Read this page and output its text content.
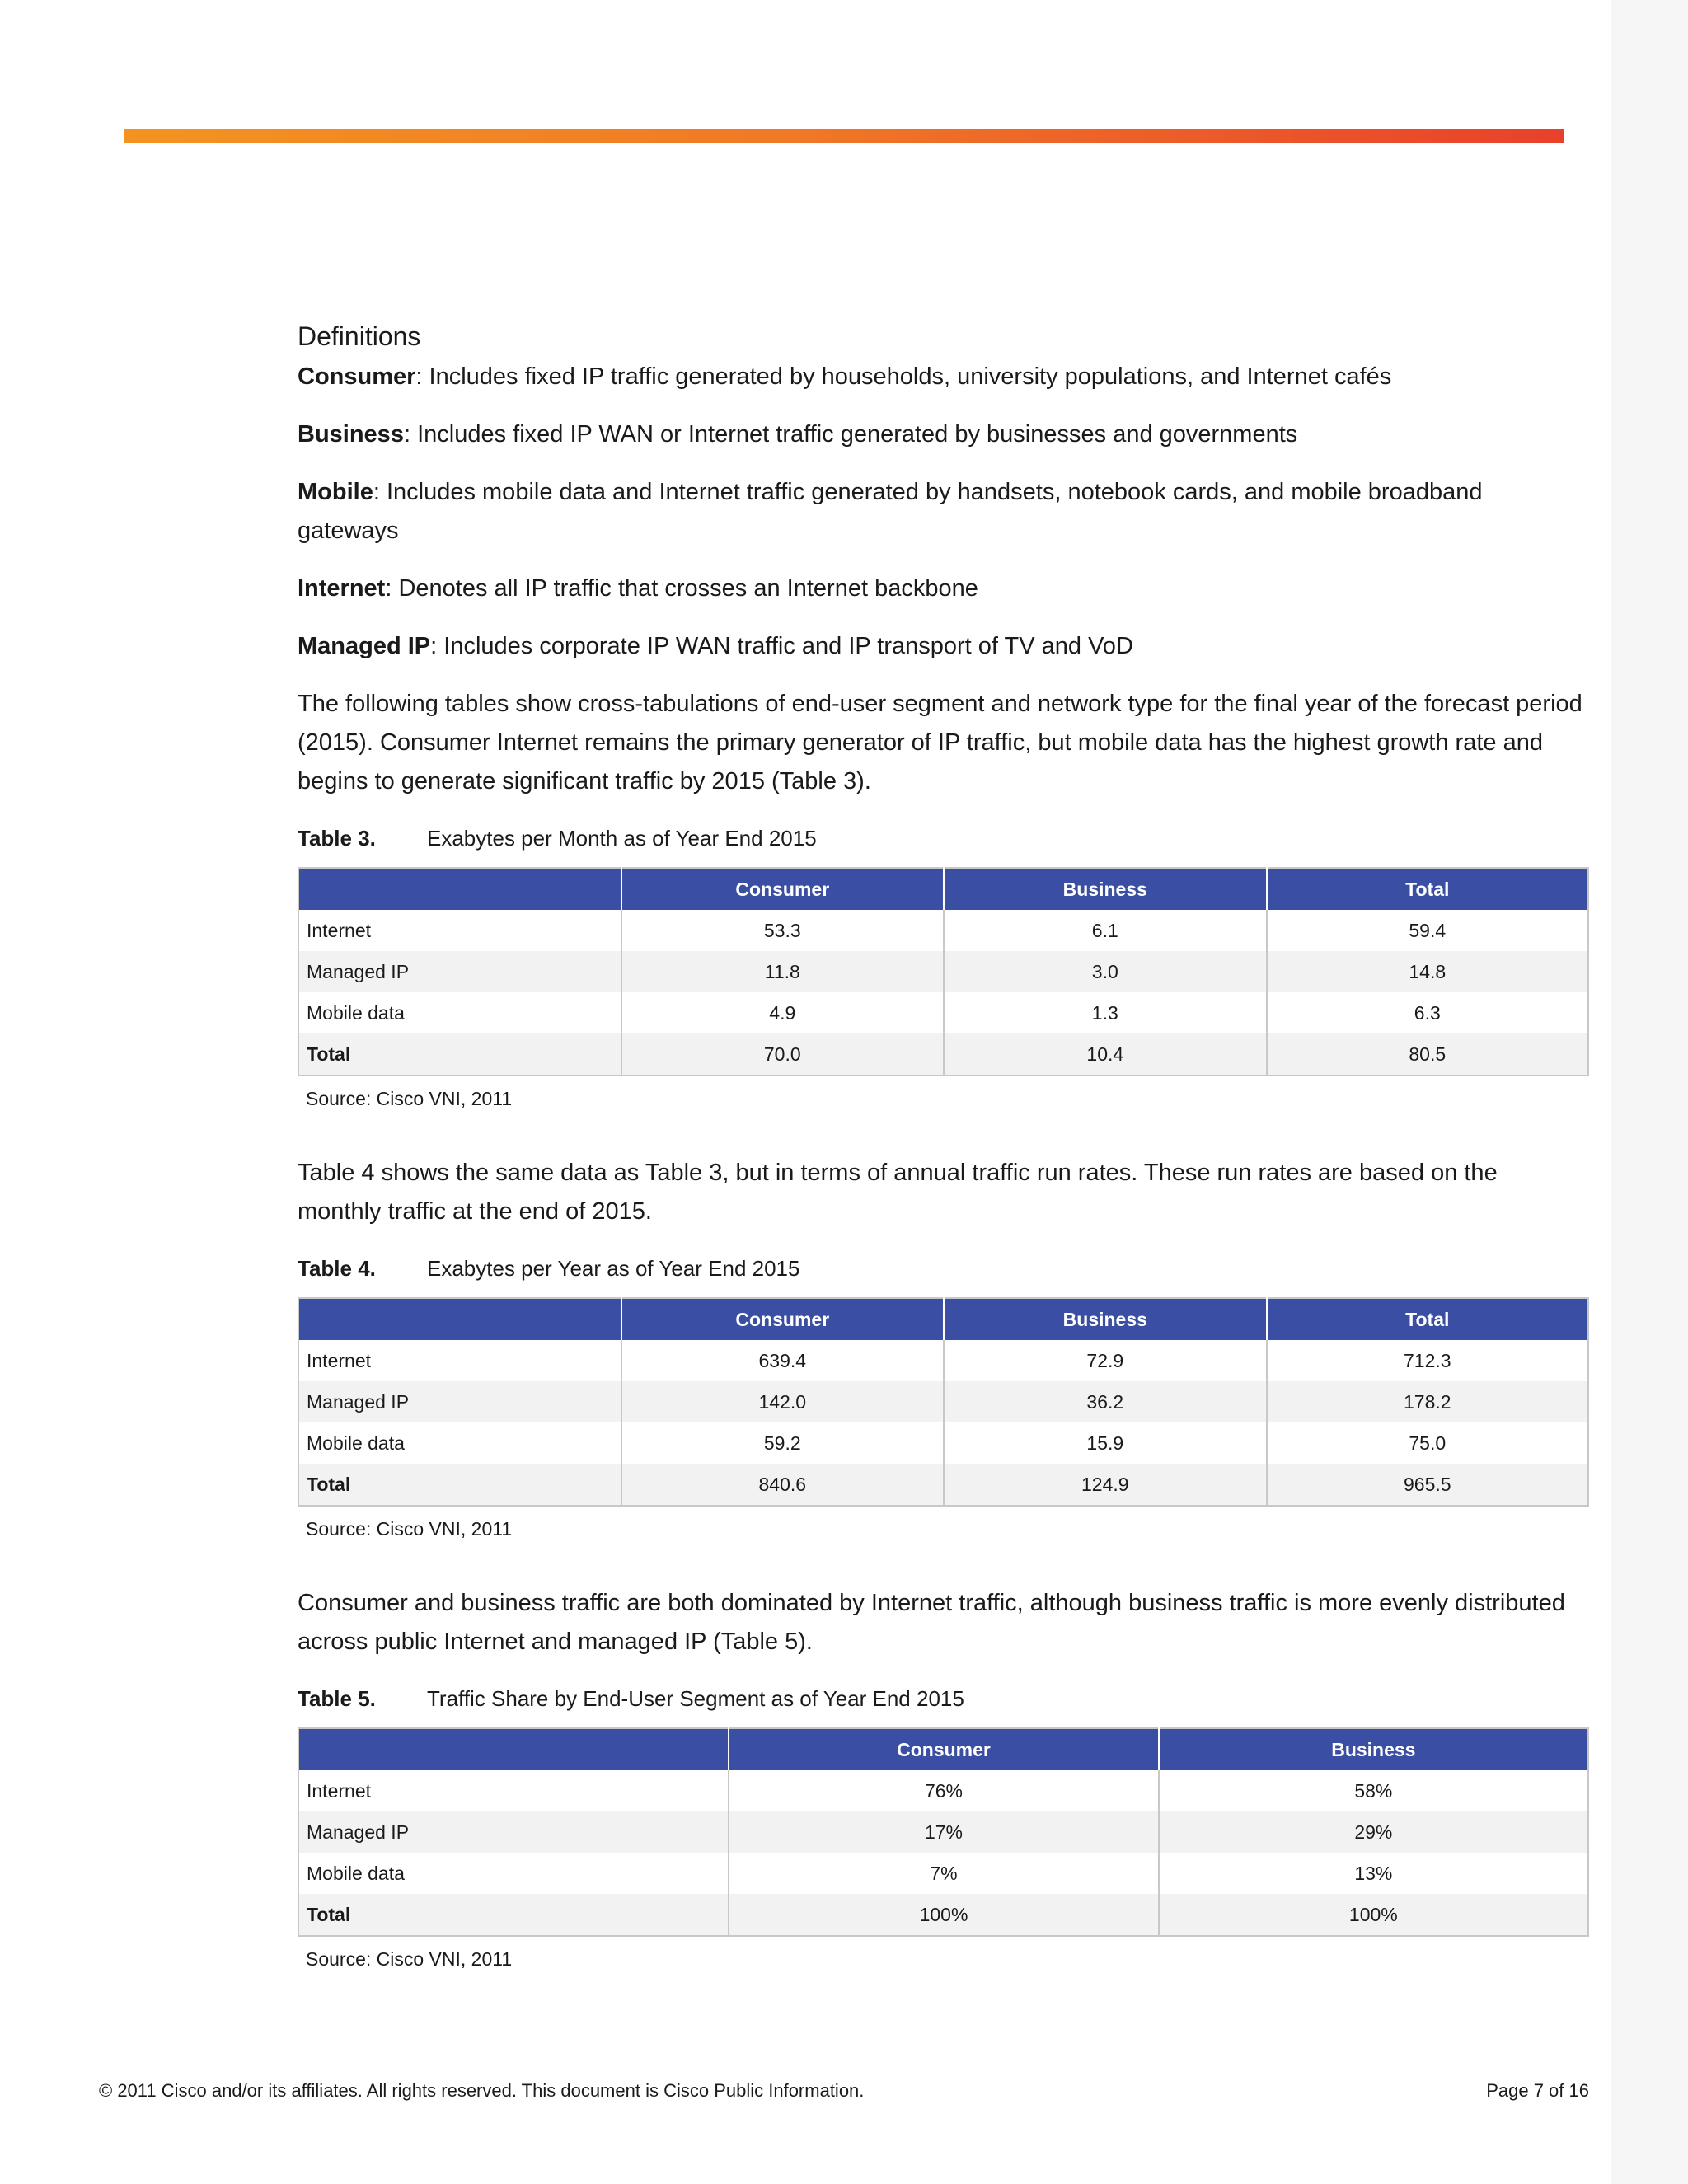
Definitions

Consumer: Includes fixed IP traffic generated by households, university populations, and Internet cafés

Business: Includes fixed IP WAN or Internet traffic generated by businesses and governments

Mobile: Includes mobile data and Internet traffic generated by handsets, notebook cards, and mobile broadband gateways

Internet: Denotes all IP traffic that crosses an Internet backbone

Managed IP: Includes corporate IP WAN traffic and IP transport of TV and VoD

The following tables show cross-tabulations of end-user segment and network type for the final year of the forecast period (2015). Consumer Internet remains the primary generator of IP traffic, but mobile data has the highest growth rate and begins to generate significant traffic by 2015 (Table 3).

Table 3.	Exabytes per Month as of Year End 2015
	Consumer	Business	Total
Internet	53.3	6.1	59.4
Managed IP	11.8	3.0	14.8
Mobile data	4.9	1.3	6.3
Total	70.0	10.4	80.5
Source: Cisco VNI, 2011

Table 4 shows the same data as Table 3, but in terms of annual traffic run rates. These run rates are based on the monthly traffic at the end of 2015.

Table 4.	Exabytes per Year as of Year End 2015
	Consumer	Business	Total
Internet	639.4	72.9	712.3
Managed IP	142.0	36.2	178.2
Mobile data	59.2	15.9	75.0
Total	840.6	124.9	965.5
Source: Cisco VNI, 2011

Consumer and business traffic are both dominated by Internet traffic, although business traffic is more evenly distributed across public Internet and managed IP (Table 5).

Table 5.	Traffic Share by End-User Segment as of Year End 2015
	Consumer	Business
Internet	76%	58%
Managed IP	17%	29%
Mobile data	7%	13%
Total	100%	100%
Source: Cisco VNI, 2011
© 2011 Cisco and/or its affiliates. All rights reserved. This document is Cisco Public Information.	Page 7 of 16
